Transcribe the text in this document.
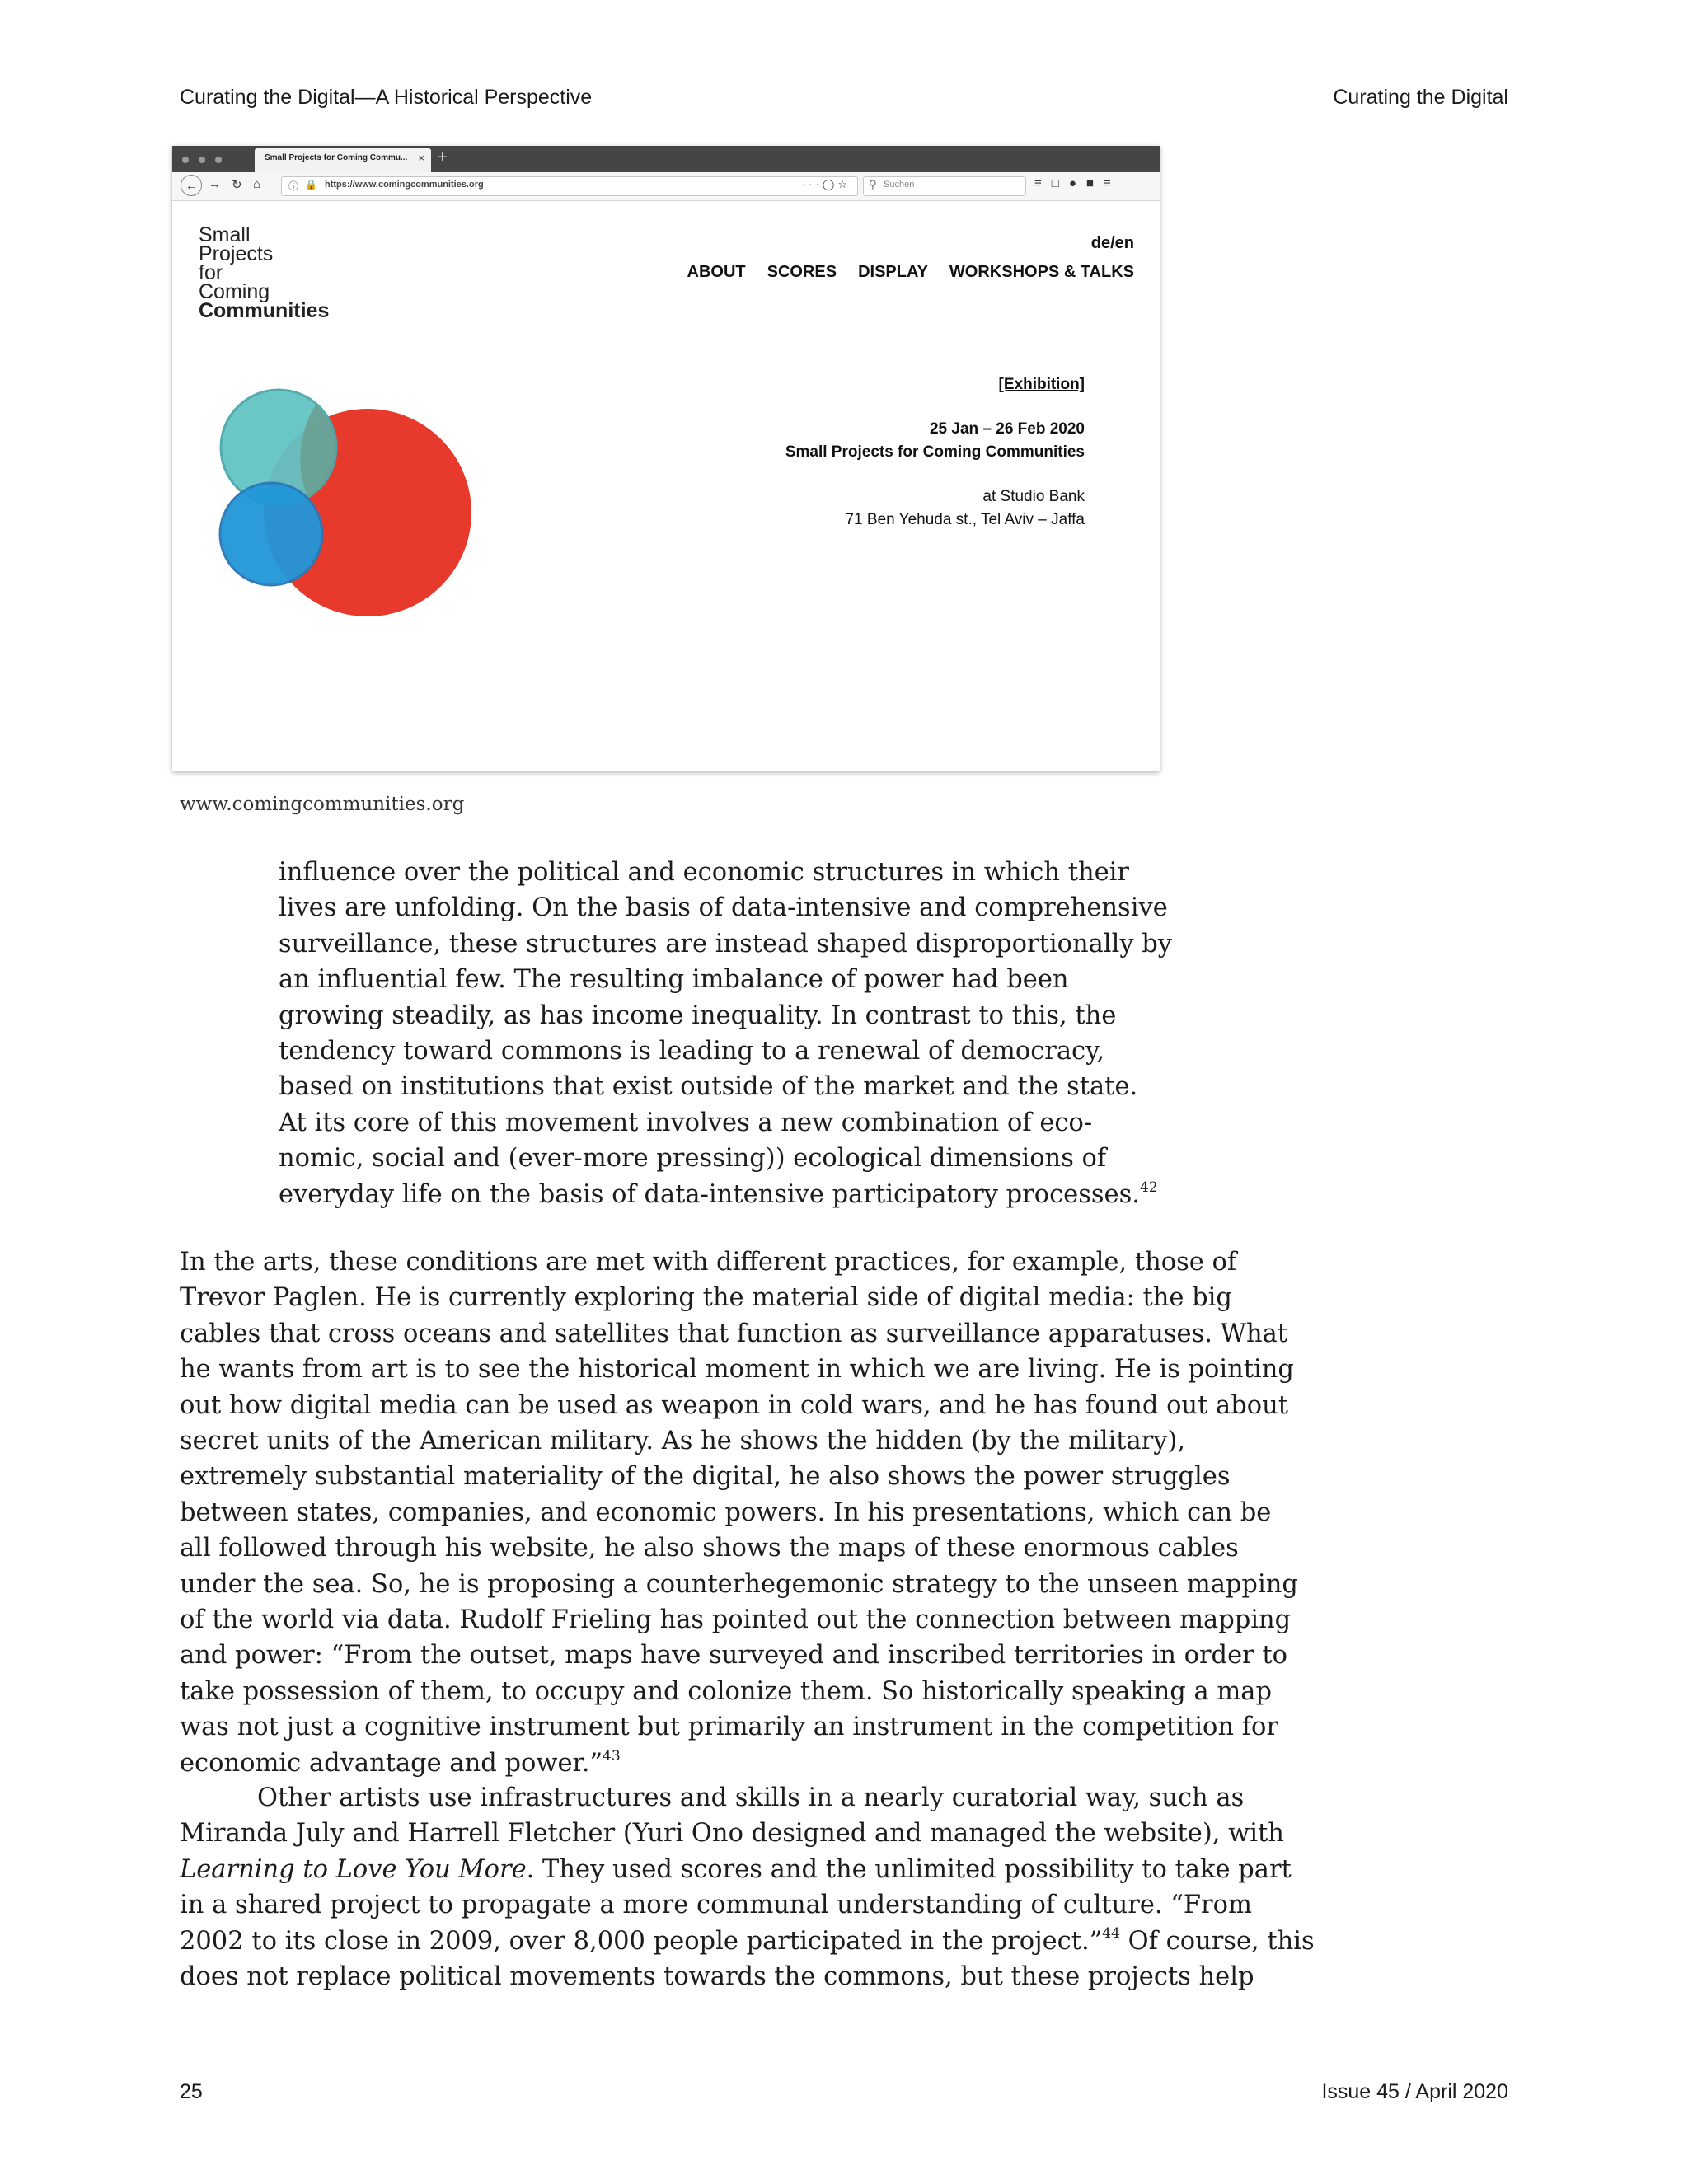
Curating the Digital—A Historical Perspective	Curating the Digital
Small Projects for Coming Commu... × +
← → ↻ ⌂	ⓘ 🔒 https://www.comingcommunities.org	···◯☆ ⚲ Suchen	≡□●■≡
Small
Projects
for
Coming
Communities
de/en
ABOUT SCORES DISPLAY WORKSHOPS & TALKS
[Exhibition]
25 Jan – 26 Feb 2020
Small Projects for Coming Communities
at Studio Bank
71 Ben Yehuda st., Tel Aviv – Jaffa
www.comingcommunities.org
influence over the political and economic structures in which their
lives are unfolding. On the basis of data-intensive and comprehensive
surveillance, these structures are instead shaped disproportionally by
an influential few. The resulting imbalance of power had been
growing steadily, as has income inequality. In contrast to this, the
tendency toward commons is leading to a renewal of democracy,
based on institutions that exist outside of the market and the state.
At its core of this movement involves a new combination of eco-
nomic, social and (ever-more pressing)) ecological dimensions of
everyday life on the basis of data-intensive participatory processes.$^{42}$
In the arts, these conditions are met with different practices, for example, those of
Trevor Paglen. He is currently exploring the material side of digital media: the big
cables that cross oceans and satellites that function as surveillance apparatuses. What
he wants from art is to see the historical moment in which we are living. He is pointing
out how digital media can be used as weapon in cold wars, and he has found out about
secret units of the American military. As he shows the hidden (by the military),
extremely substantial materiality of the digital, he also shows the power struggles
between states, companies, and economic powers. In his presentations, which can be
all followed through his website, he also shows the maps of these enormous cables
under the sea. So, he is proposing a counterhegemonic strategy to the unseen mapping
of the world via data. Rudolf Frieling has pointed out the connection between mapping
and power: “From the outset, maps have surveyed and inscribed territories in order to
take possession of them, to occupy and colonize them. So historically speaking a map
was not just a cognitive instrument but primarily an instrument in the competition for
economic advantage and power.”$^{43}$
Other artists use infrastructures and skills in a nearly curatorial way, such as
Miranda July and Harrell Fletcher (Yuri Ono designed and managed the website), with
Learning to Love You More. They used scores and the unlimited possibility to take part
in a shared project to propagate a more communal understanding of culture. “From
2002 to its close in 2009, over 8,000 people participated in the project.”$^{44}$ Of course, this
does not replace political movements towards the commons, but these projects help
25	Issue 45 / April 2020
